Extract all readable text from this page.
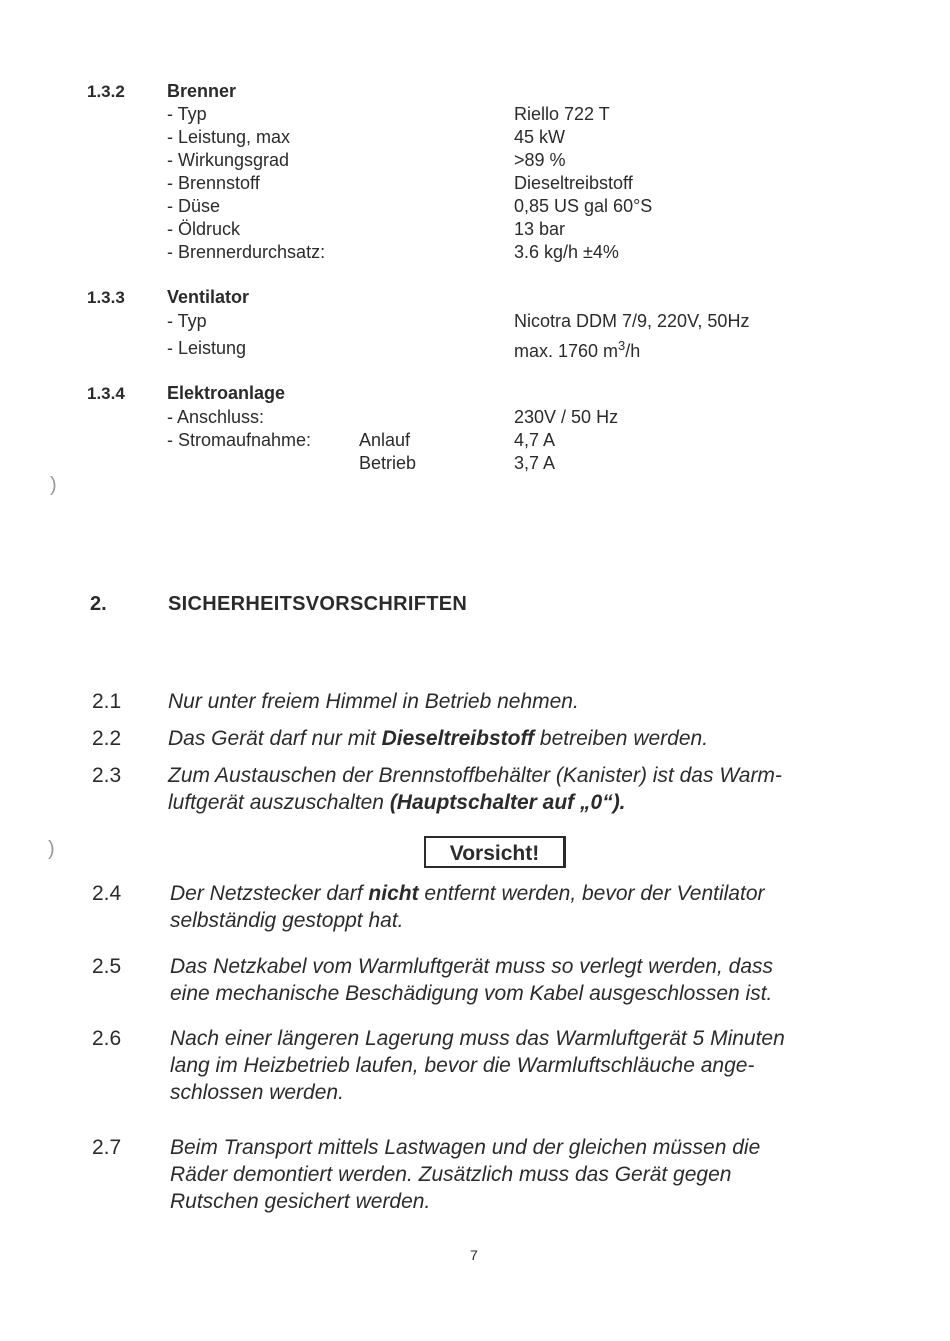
1.3.2 Brenner
- Typ	Riello 722 T
- Leistung, max	45 kW
- Wirkungsgrad	>89 %
- Brennstoff	Dieseltreibstoff
- Düse	0,85 US gal 60°S
- Öldruck	13 bar
- Brennerdurchsatz:	3.6 kg/h ±4%
1.3.3 Ventilator
- Typ	Nicotra DDM 7/9, 220V, 50Hz
- Leistung	max. 1760 $m^3/h$
1.3.4 Elektroanlage
- Anschluss:	230V / 50 Hz
- Stromaufnahme:	Anlauf	4,7 A
Betrieb	3,7 A
)
)
2.	SICHERHEITSVORSCHRIFTEN
2.1 Nur unter freiem Himmel in Betrieb nehmen.
2.2 Das Gerät darf nur mit Dieseltreibstoff betreiben werden.
2.3 Zum Austauschen der Brennstoffbehälter (Kanister) ist das Warm-
luftgerät auszuschalten (Hauptschalter auf „0“).
Vorsicht!
2.4 Der Netzstecker darf nicht entfernt werden, bevor der Ventilator
selbständig gestoppt hat.
2.5 Das Netzkabel vom Warmluftgerät muss so verlegt werden, dass
eine mechanische Beschädigung vom Kabel ausgeschlossen ist.
2.6 Nach einer längeren Lagerung muss das Warmluftgerät 5 Minuten
lang im Heizbetrieb laufen, bevor die Warmluftschläuche ange-
schlossen werden.
2.7 Beim Transport mittels Lastwagen und der gleichen müssen die
Räder demontiert werden. Zusätzlich muss das Gerät gegen
Rutschen gesichert werden.
7
